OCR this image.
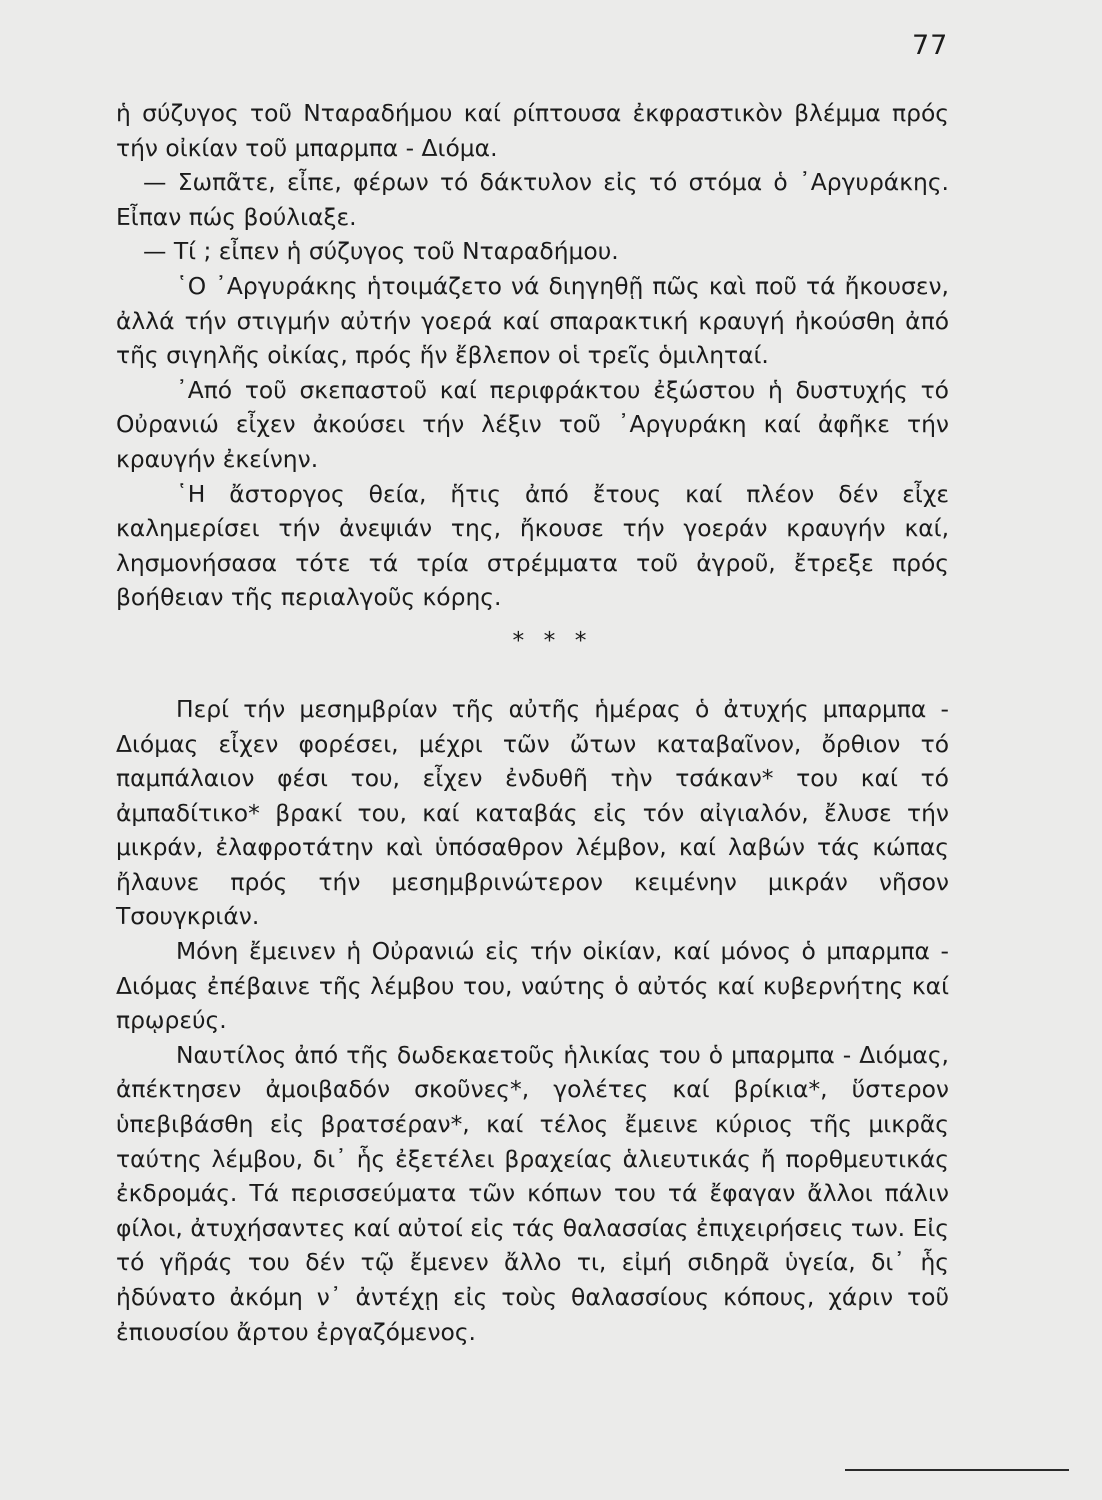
77

ἡ σύζυγος τοῦ Νταραδήμου καί ρίπτουσα ἐκφραστικὸν βλέμμα πρός τήν οἰκίαν τοῦ μπαρμπα - Διόμα.

— Σωπᾶτε, εἶπε, φέρων τό δάκτυλον εἰς τό στόμα ὁ ᾿Αργυράκης. Εἶπαν πώς βούλιαξε.

— Τί ; εἶπεν ἡ σύζυγος τοῦ Νταραδήμου.

῾Ο ᾿Αργυράκης ἡτοιμάζετο νά διηγηθῇ πῶς καὶ ποῦ τά ἤκουσεν, ἀλλά τήν στιγμήν αὐτήν γοερά καί σπαρακτική κραυγή ἠκούσθη ἀπό τῆς σιγηλῆς οἰκίας, πρός ἥν ἔβλεπον οἱ τρεῖς ὁμιληταί.

᾿Από τοῦ σκεπαστοῦ καί περιφράκτου ἐξώστου ἡ δυστυχής τό Οὐρανιώ εἶχεν ἀκούσει τήν λέξιν τοῦ ᾿Αργυράκη καί ἀφῆκε τήν κραυγήν ἐκείνην.

῾Η ἄστοργος θεία, ἥτις ἀπό ἔτους καί πλέον δέν εἶχε καλημερίσει τήν ἀνεψιάν της, ἤκουσε τήν γοεράν κραυγήν καί, λησμονήσασα τότε τά τρία στρέμματα τοῦ ἀγροῦ, ἔτρεξε πρός βοήθειαν τῆς περιαλγοῦς κόρης.

* * *

Περί τήν μεσημβρίαν τῆς αὐτῆς ἡμέρας ὁ ἀτυχής μπαρμπα - Διόμας εἶχεν φορέσει, μέχρι τῶν ὤτων καταβαῖνον, ὄρθιον τό παμπάλαιον φέσι του, εἶχεν ἐνδυθῆ τὴν τσάκαν* του καί τό ἀμπαδίτικο* βρακί του, καί καταβάς εἰς τόν αἰγιαλόν, ἔλυσε τήν μικράν, ἐλαφροτάτην καὶ ὑπόσαθρον λέμβον, καί λαβών τάς κώπας ἤλαυνε πρός τήν μεσημβρινώτερον κειμένην μικράν νῆσον Τσουγκριάν.

Μόνη ἔμεινεν ἡ Οὐρανιώ εἰς τήν οἰκίαν, καί μόνος ὁ μπαρμπα - Διόμας ἐπέβαινε τῆς λέμβου του, ναύτης ὁ αὐτός καί κυβερνήτης καί πρῳρεύς.

Ναυτίλος ἀπό τῆς δωδεκαετοῦς ἡλικίας του ὁ μπαρμπα - Διόμας, ἀπέκτησεν ἀμοιβαδόν σκοῦνες*, γολέτες καί βρίκια*, ὕστερον ὑπεβιβάσθη εἰς βρατσέραν*, καί τέλος ἔμεινε κύριος τῆς μικρᾶς ταύτης λέμβου, δι᾿ ἧς ἐξετέλει βραχείας ἁλιευτικάς ἤ πορθμευτικάς ἐκδρομάς. Τά περισσεύματα τῶν κόπων του τά ἔφαγαν ἄλλοι πάλιν φίλοι, ἀτυχήσαντες καί αὐτοί εἰς τάς θαλασσίας ἐπιχειρήσεις των. Εἰς τό γῆράς του δέν τῷ ἔμενεν ἄλλο τι, εἰμή σιδηρᾶ ὑγεία, δι᾿ ἧς ἠδύνατο ἀκόμη ν᾿ ἀντέχῃ εἰς τοὺς θαλασσίους κόπους, χάριν τοῦ ἐπιουσίου ἄρτου ἐργαζόμενος.
